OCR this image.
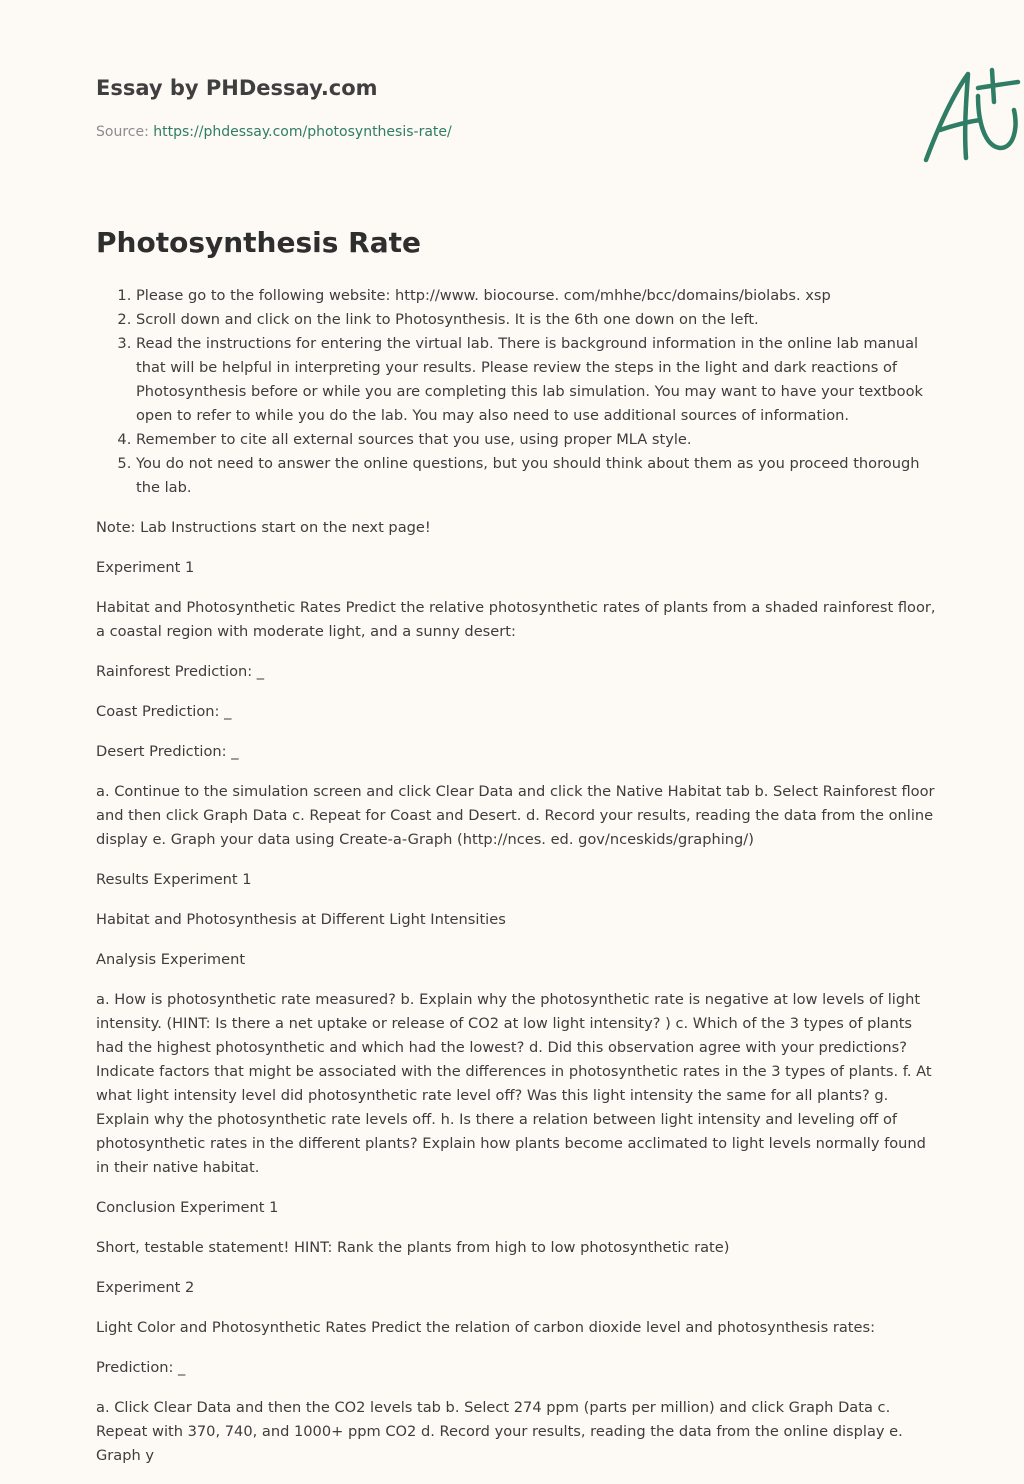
Essay by PHDessay.com
Source: https://phdessay.com/photosynthesis-rate/
Photosynthesis Rate
1. Please go to the following website: http://www. biocourse. com/mhhe/bcc/domains/biolabs. xsp
2. Scroll down and click on the link to Photosynthesis. It is the 6th one down on the left.
3. Read the instructions for entering the virtual lab. There is background information in the online lab manual that will be helpful in interpreting your results. Please review the steps in the light and dark reactions of Photosynthesis before or while you are completing this lab simulation. You may want to have your textbook open to refer to while you do the lab. You may also need to use additional sources of information.
4. Remember to cite all external sources that you use, using proper MLA style.
5. You do not need to answer the online questions, but you should think about them as you proceed thorough the lab.

Note: Lab Instructions start on the next page!

Experiment 1

Habitat and Photosynthetic Rates Predict the relative photosynthetic rates of plants from a shaded rainforest floor, a coastal region with moderate light, and a sunny desert:

Rainforest Prediction: _

Coast Prediction: _

Desert Prediction: _

a. Continue to the simulation screen and click Clear Data and click the Native Habitat tab b. Select Rainforest floor and then click Graph Data c. Repeat for Coast and Desert. d. Record your results, reading the data from the online display e. Graph your data using Create-a-Graph (http://nces. ed. gov/nceskids/graphing/)

Results Experiment 1

Habitat and Photosynthesis at Different Light Intensities

Analysis Experiment

a. How is photosynthetic rate measured? b. Explain why the photosynthetic rate is negative at low levels of light intensity. (HINT: Is there a net uptake or release of CO2 at low light intensity? ) c. Which of the 3 types of plants had the highest photosynthetic and which had the lowest? d. Did this observation agree with your predictions? Indicate factors that might be associated with the differences in photosynthetic rates in the 3 types of plants. f. At what light intensity level did photosynthetic rate level off? Was this light intensity the same for all plants? g. Explain why the photosynthetic rate levels off. h. Is there a relation between light intensity and leveling off of photosynthetic rates in the different plants? Explain how plants become acclimated to light levels normally found in their native habitat.

Conclusion Experiment 1

Short, testable statement! HINT: Rank the plants from high to low photosynthetic rate)

Experiment 2

Light Color and Photosynthetic Rates Predict the relation of carbon dioxide level and photosynthesis rates:

Prediction: _

a. Click Clear Data and then the CO2 levels tab b. Select 274 ppm (parts per million) and click Graph Data c. Repeat with 370, 740, and 1000+ ppm CO2 d. Record your results, reading the data from the online display e. Graph y
